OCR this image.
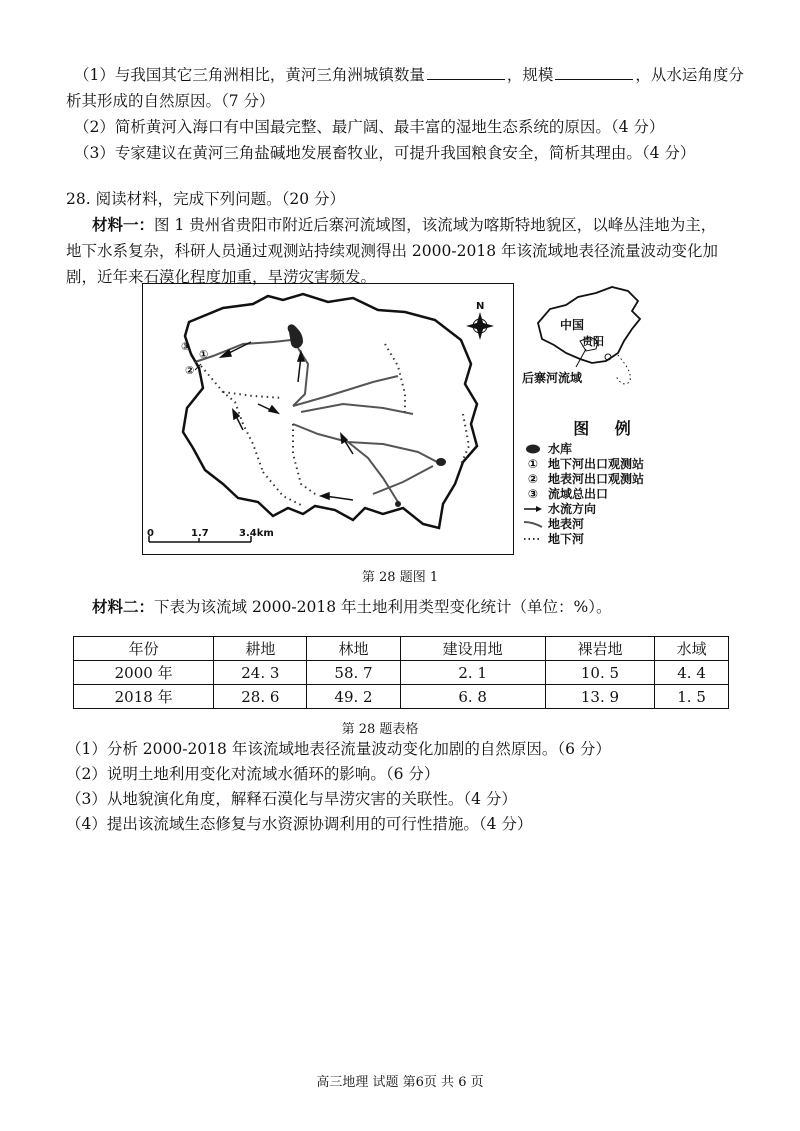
（1）与我国其它三角洲相比，黄河三角洲城镇数量	，规模	，从水运角度分
析其形成的自然原因。（7 分）
（2）简析黄河入海口有中国最完整、最广阔、最丰富的湿地生态系统的原因。（4 分）
（3）专家建议在黄河三角盐碱地发展畜牧业，可提升我国粮食安全，简析其理由。（4 分）
28. 阅读材料，完成下列问题。（20 分）
材料一：图 1 贵州省贵阳市附近后寨河流域图，该流域为喀斯特地貌区，以峰丛洼地为主，
地下水系复杂，科研人员通过观测站持续观测得出 2000-2018 年该流域地表径流量波动变化加
剧，近年来石漠化程度加重，旱涝灾害频发。
③
①
②
N
0	1.7	3.4km
中国
贵阳
后寨河流域
图 例
水库
① 地下河出口观测站
② 地表河出口观测站
③ 流域总出口
水流方向
地表河
地下河
第 28 题图 1
材料二：下表为该流域 2000-2018 年土地利用类型变化统计（单位：%）。
年份	耕地	林地	建设用地	裸岩地	水域
2000 年	24. 3	58. 7	2. 1	10. 5	4. 4
2018 年	28. 6	49. 2	6. 8	13. 9	1. 5
第 28 题表格
（1）分析 2000-2018 年该流域地表径流量波动变化加剧的自然原因。（6 分）
（2）说明土地利用变化对流域水循环的影响。（6 分）
（3）从地貌演化角度，解释石漠化与旱涝灾害的关联性。（4 分）
（4）提出该流域生态修复与水资源协调利用的可行性措施。（4 分）
高三地理 试题 第6页 共 6 页
